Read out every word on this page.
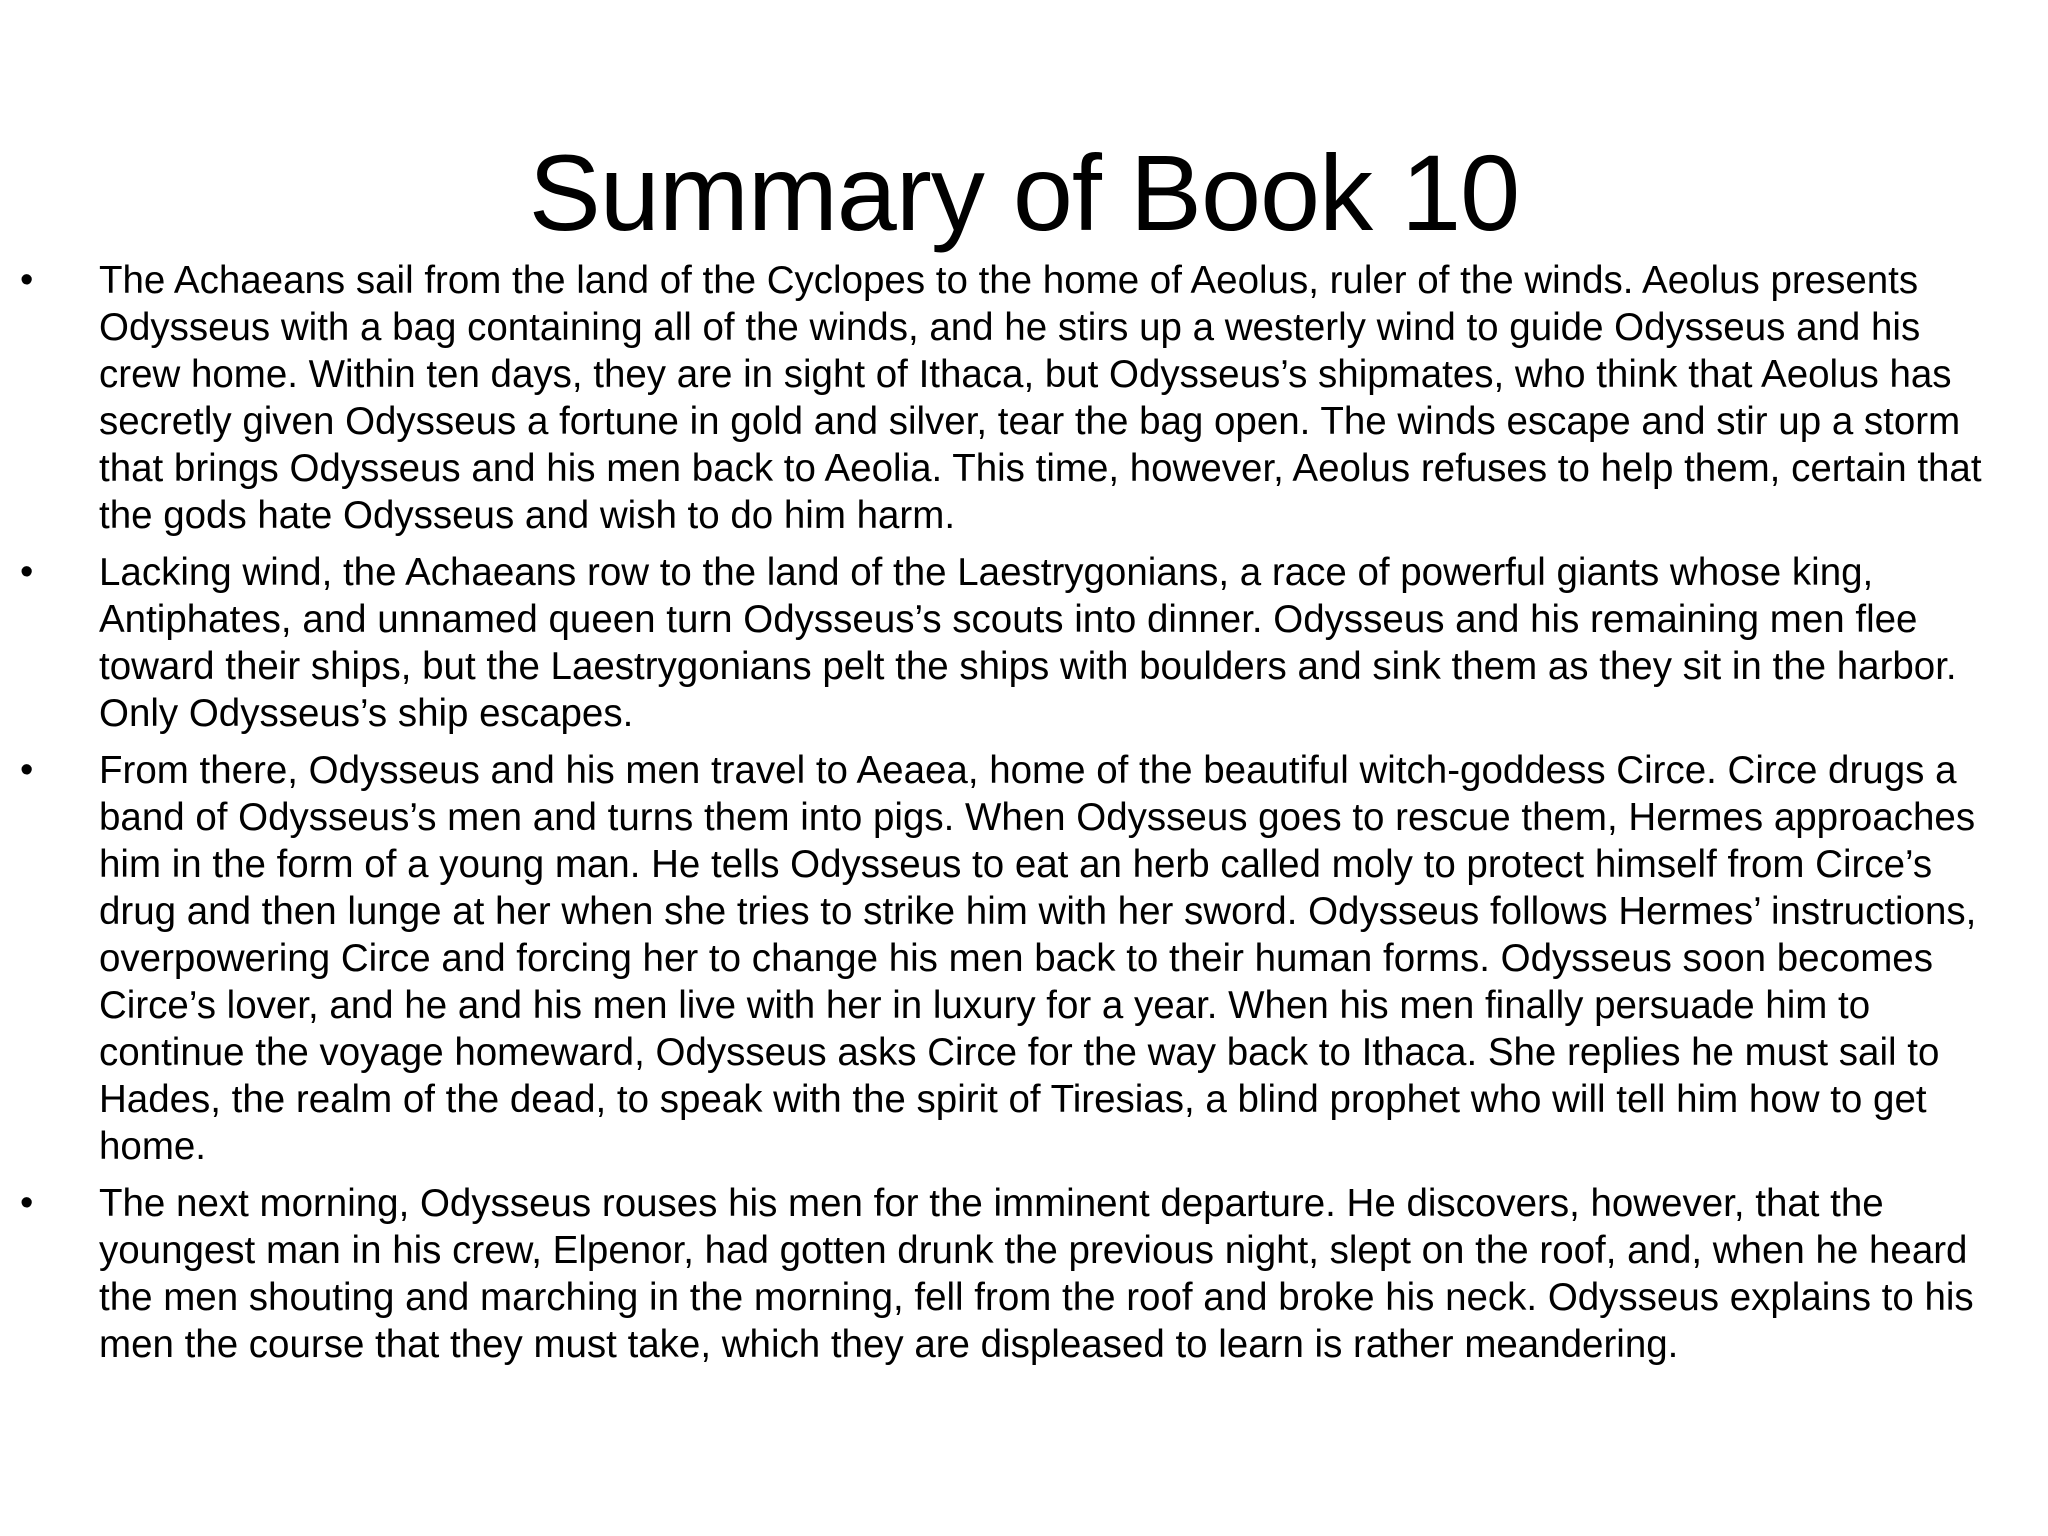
Summary of Book 10
•	The Achaeans sail from the land of the Cyclopes to the home of Aeolus, ruler of the winds. Aeolus presents Odysseus with a bag containing all of the winds, and he stirs up a westerly wind to guide Odysseus and his crew home. Within ten days, they are in sight of Ithaca, but Odysseus’s shipmates, who think that Aeolus has secretly given Odysseus a fortune in gold and silver, tear the bag open. The winds escape and stir up a storm that brings Odysseus and his men back to Aeolia. This time, however, Aeolus refuses to help them, certain that the gods hate Odysseus and wish to do him harm.
•	Lacking wind, the Achaeans row to the land of the Laestrygonians, a race of powerful giants whose king, Antiphates, and unnamed queen turn Odysseus’s scouts into dinner. Odysseus and his remaining men flee toward their ships, but the Laestrygonians pelt the ships with boulders and sink them as they sit in the harbor. Only Odysseus’s ship escapes.
•	From there, Odysseus and his men travel to Aeaea, home of the beautiful witch-goddess Circe. Circe drugs a band of Odysseus’s men and turns them into pigs. When Odysseus goes to rescue them, Hermes approaches him in the form of a young man. He tells Odysseus to eat an herb called moly to protect himself from Circe’s drug and then lunge at her when she tries to strike him with her sword. Odysseus follows Hermes’ instructions, overpowering Circe and forcing her to change his men back to their human forms. Odysseus soon becomes Circe’s lover, and he and his men live with her in luxury for a year. When his men finally persuade him to continue the voyage homeward, Odysseus asks Circe for the way back to Ithaca. She replies he must sail to Hades, the realm of the dead, to speak with the spirit of Tiresias, a blind prophet who will tell him how to get home.
•	The next morning, Odysseus rouses his men for the imminent departure. He discovers, however, that the youngest man in his crew, Elpenor, had gotten drunk the previous night, slept on the roof, and, when he heard the men shouting and marching in the morning, fell from the roof and broke his neck. Odysseus explains to his men the course that they must take, which they are displeased to learn is rather meandering.
